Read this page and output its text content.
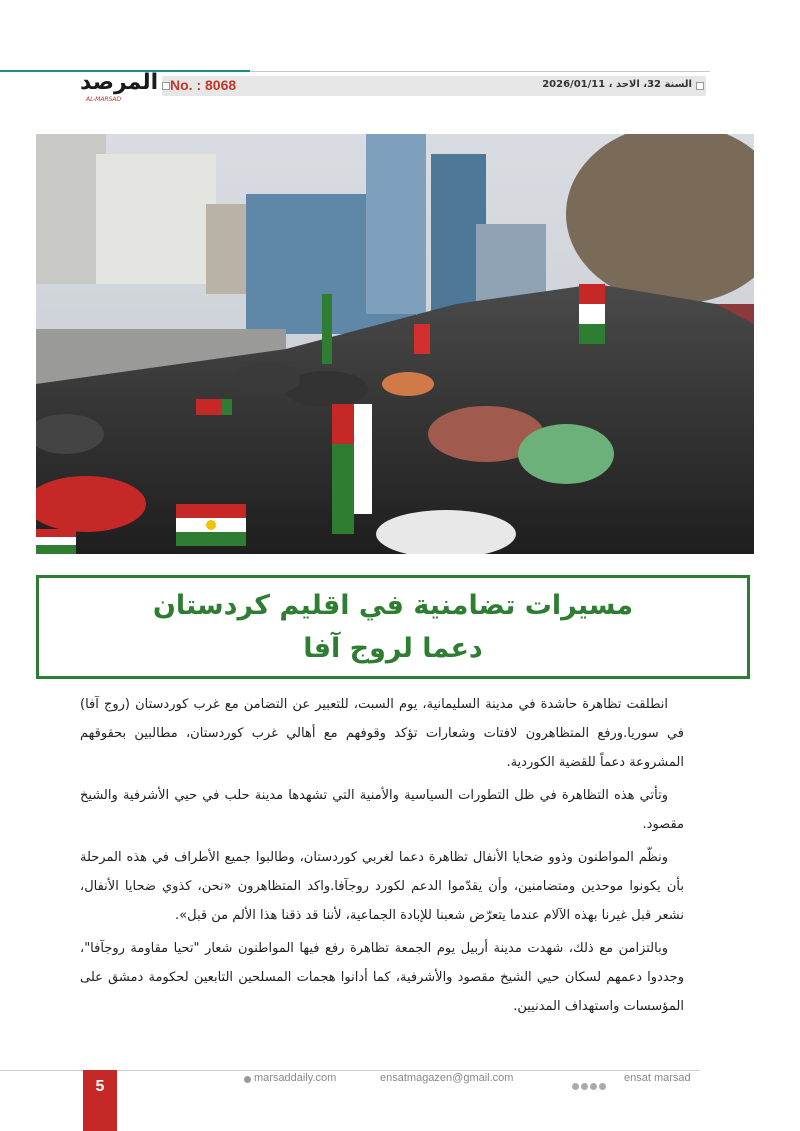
المرصد
AL-MARSAD
No. : 8068	السنة 32، الاحد ، 2026/01/11
مسيرات تضامنية في اقليم كردستان
دعما لروج آفا

انطلقت تظاهرة حاشدة في مدينة السليمانية، يوم السبت، للتعبير عن التضامن مع غرب كوردستان (روج آفا) في سوريا.ورفع المتظاهرون لافتات وشعارات تؤكد وقوفهم مع أهالي غرب كوردستان، مطالبين بحقوقهم المشروعة دعماً للقضية الكوردية.

وتأتي هذه التظاهرة في ظل التطورات السياسية والأمنية التي تشهدها مدينة حلب في حيي الأشرفية والشيخ مقصود.

ونظّم المواطنون وذوو ضحايا الأنفال تظاهرة دعما لغربي كوردستان، وطالبوا جميع الأطراف في هذه المرحلة بأن يكونوا موحدين ومتضامنين، وأن يقدّموا الدعم لكورد روجآفا.واكد المتظاهرون «نحن، كذوي ضحايا الأنفال، نشعر قبل غيرنا بهذه الآلام عندما يتعرّض شعبنا للإبادة الجماعية، لأننا قد ذقنا هذا الألم من قبل».

وبالتزامن مع ذلك، شهدت مدينة أربيل يوم الجمعة تظاهرة رفع فيها المواطنون شعار "تحيا مقاومة روجآفا"، وجددوا دعمهم لسكان حيي الشيخ مقصود والأشرفية، كما أدانوا هجمات المسلحين التابعين لحكومة دمشق على المؤسسات واستهداف المدنيين.

5	marsaddaily.com	ensatmagazen@gmail.com	ensat marsad
